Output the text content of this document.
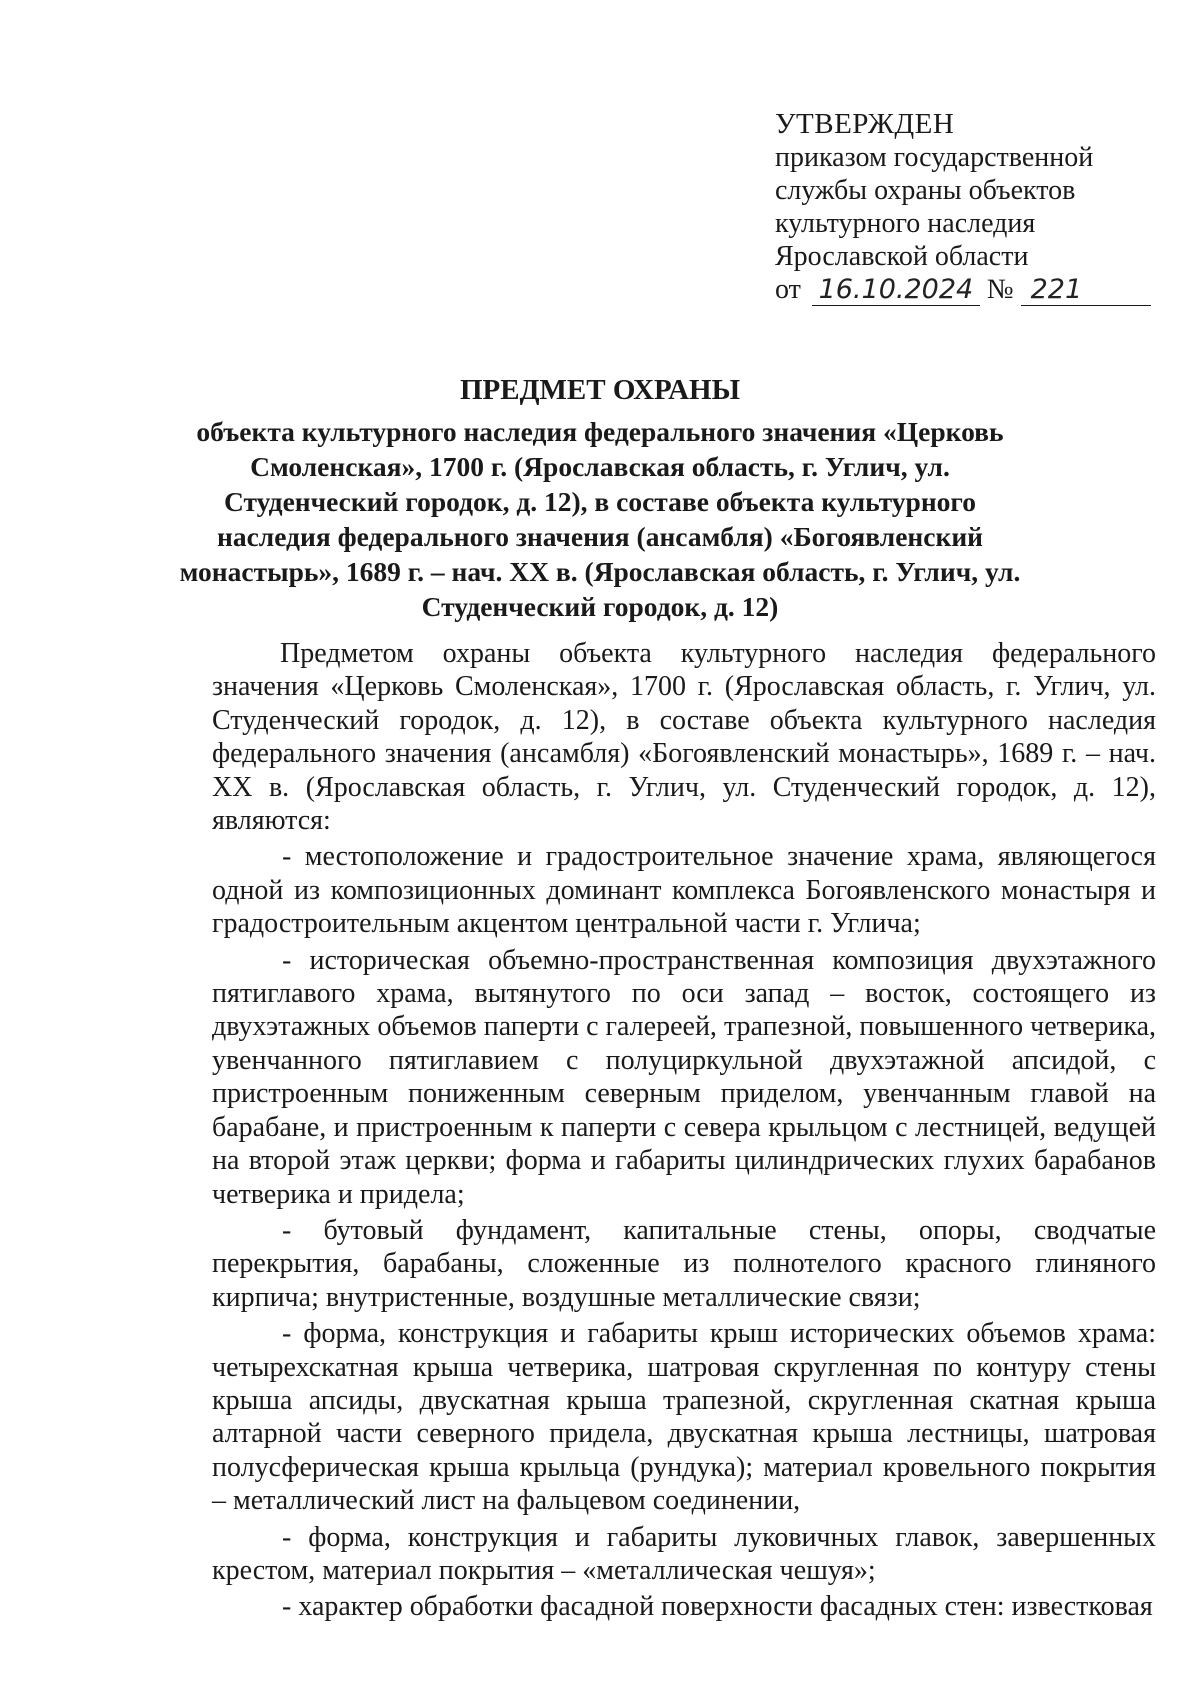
УТВЕРЖДЕН
приказом государственной
службы охраны объектов
культурного наследия
Ярославской области
от 16.10.2024 № 221
ПРЕДМЕТ ОХРАНЫ
объекта культурного наследия федерального значения «Церковь Смоленская», 1700 г. (Ярославская область, г. Углич, ул. Студенческий городок, д. 12), в составе объекта культурного наследия федерального значения (ансамбля) «Богоявленский монастырь», 1689 г. – нач. XX в. (Ярославская область, г. Углич, ул. Студенческий городок, д. 12)

Предметом охраны объекта культурного наследия федерального значения «Церковь Смоленская», 1700 г. (Ярославская область, г. Углич, ул. Студенческий городок, д. 12), в составе объекта культурного наследия федерального значения (ансамбля) «Богоявленский монастырь», 1689 г. – нач. XX в. (Ярославская область, г. Углич, ул. Студенческий городок, д. 12), являются:

- местоположение и градостроительное значение храма, являющегося одной из композиционных доминант комплекса Богоявленского монастыря и градостроительным акцентом центральной части г. Углича;

- историческая объемно-пространственная композиция двухэтажного пятиглавого храма, вытянутого по оси запад – восток, состоящего из двухэтажных объемов паперти с галереей, трапезной, повышенного четверика, увенчанного пятиглавием с полуциркульной двухэтажной апсидой, с пристроенным пониженным северным приделом, увенчанным главой на барабане, и пристроенным к паперти с севера крыльцом с лестницей, ведущей на второй этаж церкви; форма и габариты цилиндрических глухих барабанов четверика и придела;

- бутовый фундамент, капитальные стены, опоры, сводчатые перекрытия, барабаны, сложенные из полнотелого красного глиняного кирпича; внутристенные, воздушные металлические связи;

- форма, конструкция и габариты крыш исторических объемов храма: четырехскатная крыша четверика, шатровая скругленная по контуру стены крыша апсиды, двускатная крыша трапезной, скругленная скатная крыша алтарной части северного придела, двускатная крыша лестницы, шатровая полусферическая крыша крыльца (рундука); материал кровельного покрытия – металлический лист на фальцевом соединении,

- форма, конструкция и габариты луковичных главок, завершенных крестом, материал покрытия – «металлическая чешуя»;

- характер обработки фасадной поверхности фасадных стен: известковая
